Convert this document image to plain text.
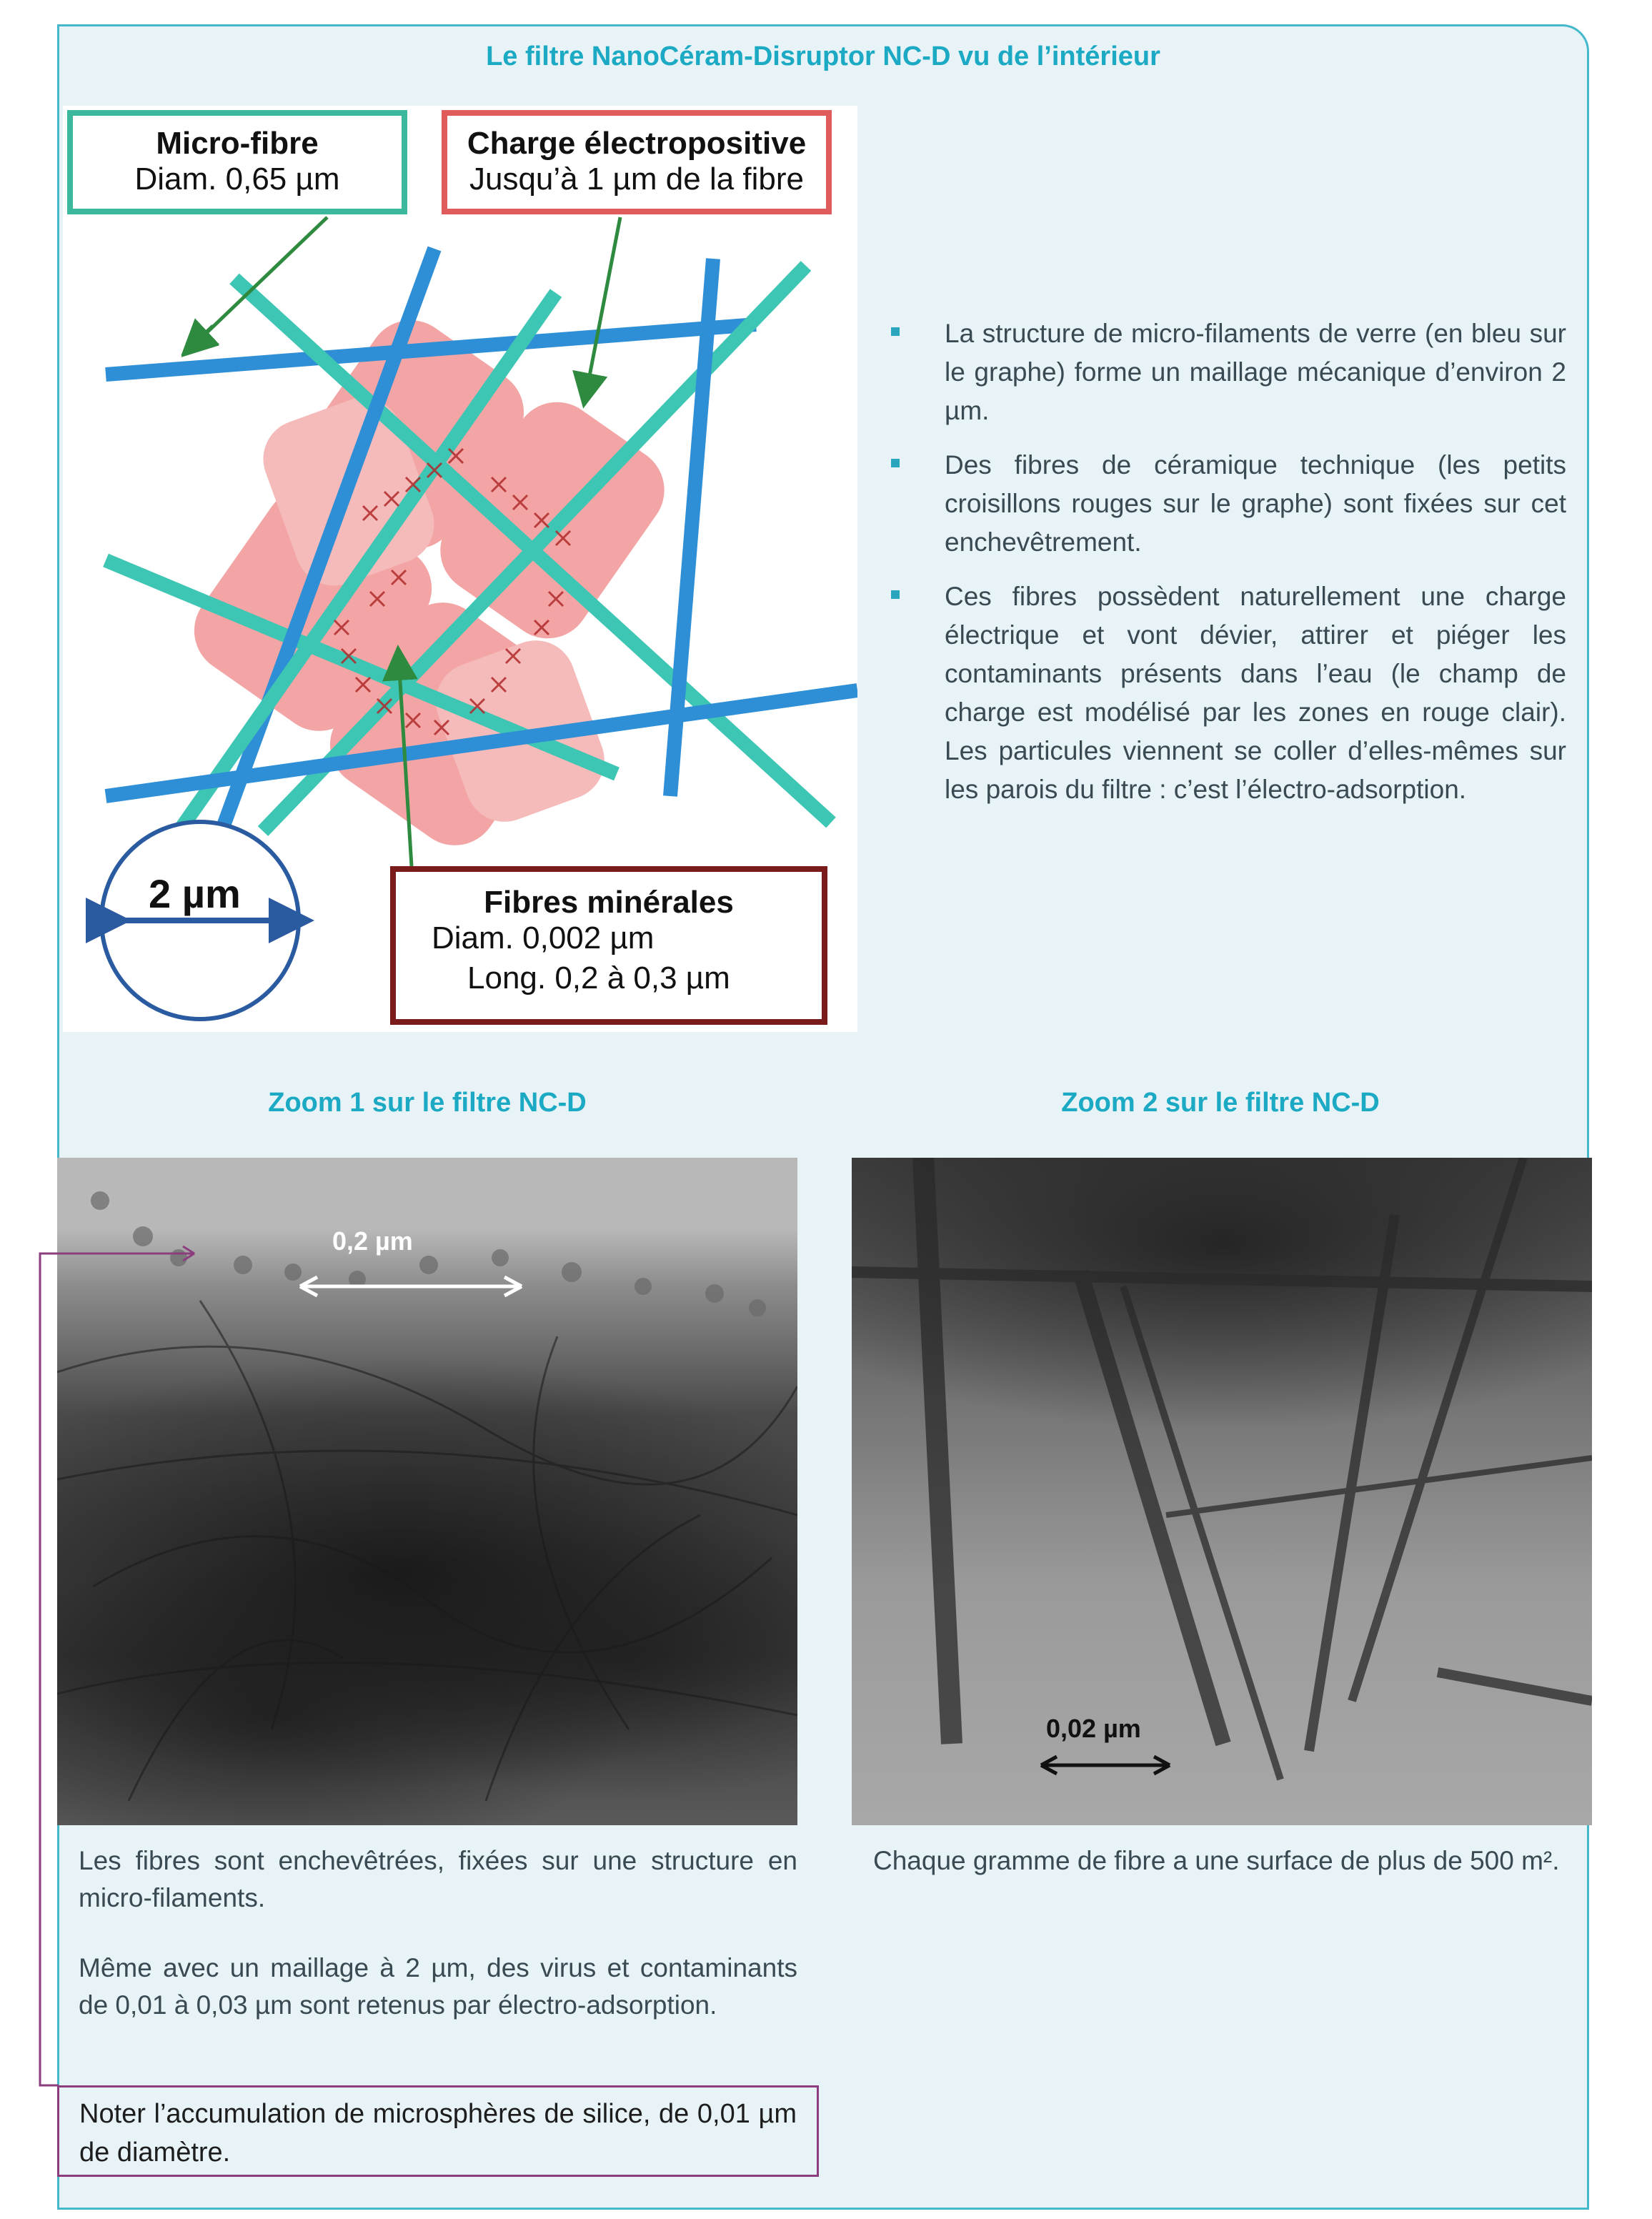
Le filtre NanoCéram-Disruptor NC-D vu de l’intérieur
Micro-fibre
Diam. 0,65 µm
Charge électropositive
Jusqu’à 1 µm de la fibre
Fibres minérales
Diam. 0,002 µm
Long. 0,2 à 0,3 µm
2 µm
La structure de micro-filaments de verre (en bleu sur le graphe) forme un maillage mécanique d’environ 2 µm.
Des fibres de céramique technique (les petits croisillons rouges sur le graphe) sont fixées sur cet enchevêtrement.
Ces fibres possèdent naturellement une charge électrique et vont dévier, attirer et piéger les contaminants présents dans l’eau (le champ de charge est modélisé par les zones en rouge clair). Les particules viennent se coller d’elles-mêmes sur les parois du filtre : c’est l’électro-adsorption.
Zoom 1 sur le filtre NC-D	Zoom 2 sur le filtre NC-D
0,2 µm
0,02 µm
Les fibres sont enchevêtrées, fixées sur une structure en micro-filaments.
Même avec un maillage à 2 µm, des virus et contaminants de 0,01 à 0,03 µm sont retenus par électro-adsorption.
Chaque gramme de fibre a une surface de plus de 500 m².
Noter l’accumulation de microsphères de silice, de 0,01 µm de diamètre.
